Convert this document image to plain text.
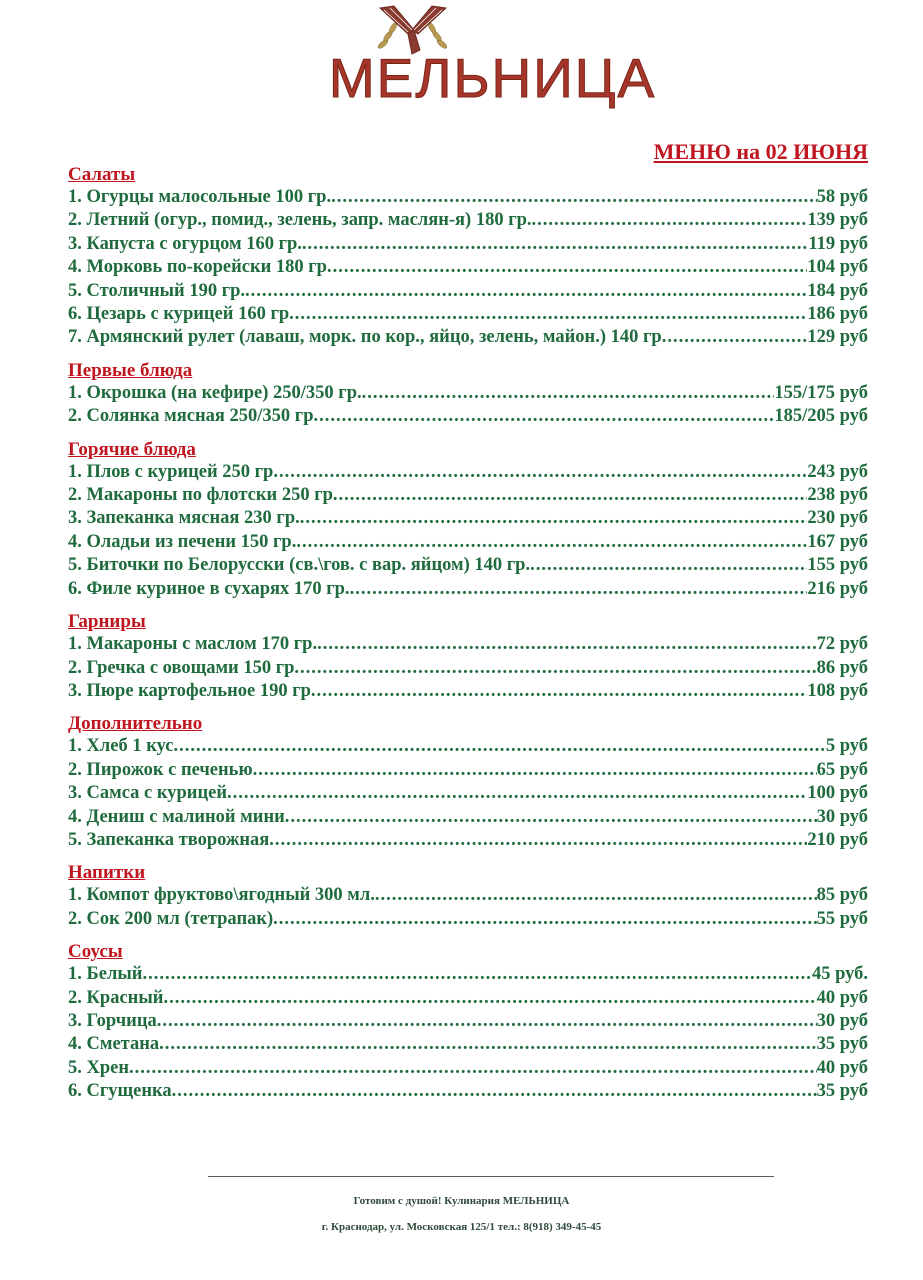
МЕЛЬНИЦА
МЕНЮ на 02 ИЮНЯ
Салаты
1. Огурцы малосольные 100 гр. .....	58 руб
2. Летний (огур., помид., зелень, запр. маслян-я) 180 гр. .....	139 руб
3. Капуста с огурцом 160 гр. .....	119 руб
4. Морковь по-корейски 180 гр .....	104 руб
5. Столичный 190 гр. .....	184 руб
6. Цезарь с курицей 160 гр .....	186 руб
7. Армянский рулет (лаваш, морк. по кор., яйцо, зелень, майон.) 140 гр .....	129 руб
Первые блюда
1. Окрошка (на кефире) 250/350 гр. .....	155/175 руб
2. Солянка мясная 250/350 гр .....	185/205 руб
Горячие блюда
1. Плов с курицей 250 гр .....	243 руб
2. Макароны по флотски 250 гр .....	238 руб
3. Запеканка мясная 230 гр. .....	230 руб
4. Оладьи из печени 150 гр. .....	167 руб
5. Биточки по Белорусски (св.\гов. с вар. яйцом) 140 гр. .....	155 руб
6. Филе куриное в сухарях 170 гр. .....	216 руб
Гарниры
1. Макароны с маслом 170 гр. .....	72 руб
2. Гречка с овощами 150 гр .....	86 руб
3. Пюре картофельное 190 гр .....	108 руб
Дополнительно
1. Хлеб 1 кус .....	5 руб
2. Пирожок с печенью .....	65 руб
3. Самса с курицей .....	100 руб
4. Дениш с малиной мини .....	30 руб
5. Запеканка творожная .....	210 руб
Напитки
1. Компот фруктово\ягодный 300 мл. .....	85 руб
2. Сок 200 мл (тетрапак) .....	55 руб
Соусы
1. Белый .....	45 руб.
2. Красный .....	40 руб
3. Горчица .....	30 руб
4. Сметана .....	35 руб
5. Хрен .....	40 руб
6. Сгущенка .....	35 руб
Готовим с душой! Кулинария МЕЛЬНИЦА
г. Краснодар, ул. Московская 125/1 тел.: 8(918) 349-45-45
